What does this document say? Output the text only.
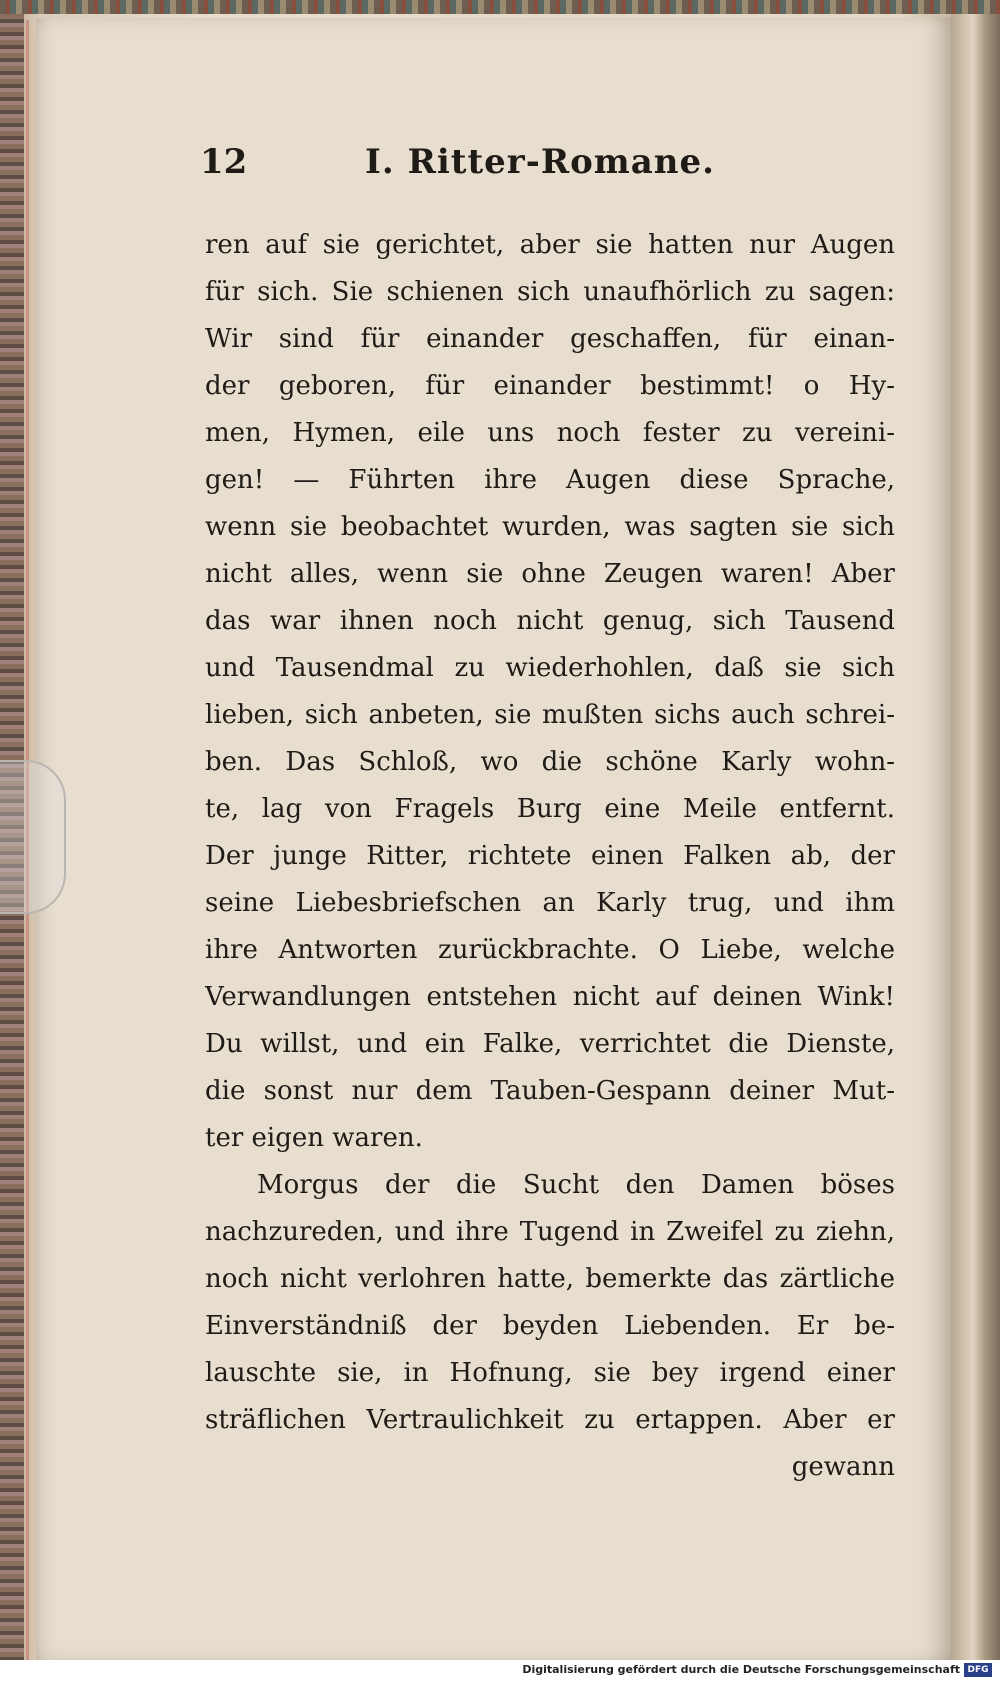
12	I. Ritter-Romane.
ren auf sie gerichtet, aber sie hatten nur Augen
für sich. Sie schienen sich unaufhörlich zu sagen:
Wir sind für einander geschaffen, für einan-
der geboren, für einander bestimmt! o Hy-
men, Hymen, eile uns noch fester zu vereini-
gen! — Führten ihre Augen diese Sprache,
wenn sie beobachtet wurden, was sagten sie sich
nicht alles, wenn sie ohne Zeugen waren! Aber
das war ihnen noch nicht genug, sich Tausend
und Tausendmal zu wiederhohlen, daß sie sich
lieben, sich anbeten, sie mußten sichs auch schrei-
ben. Das Schloß, wo die schöne Karly wohn-
te, lag von Fragels Burg eine Meile entfernt.
Der junge Ritter, richtete einen Falken ab, der
seine Liebesbriefschen an Karly trug, und ihm
ihre Antworten zurückbrachte. O Liebe, welche
Verwandlungen entstehen nicht auf deinen Wink!
Du willst, und ein Falke, verrichtet die Dienste,
die sonst nur dem Tauben-Gespann deiner Mut-
ter eigen waren.
Morgus der die Sucht den Damen böses
nachzureden, und ihre Tugend in Zweifel zu ziehn,
noch nicht verlohren hatte, bemerkte das zärtliche
Einverständniß der beyden Liebenden. Er be-
lauschte sie, in Hofnung, sie bey irgend einer
sträflichen Vertraulichkeit zu ertappen. Aber er
gewann
Digitalisierung gefördert durch die Deutsche Forschungsgemeinschaft DFG
